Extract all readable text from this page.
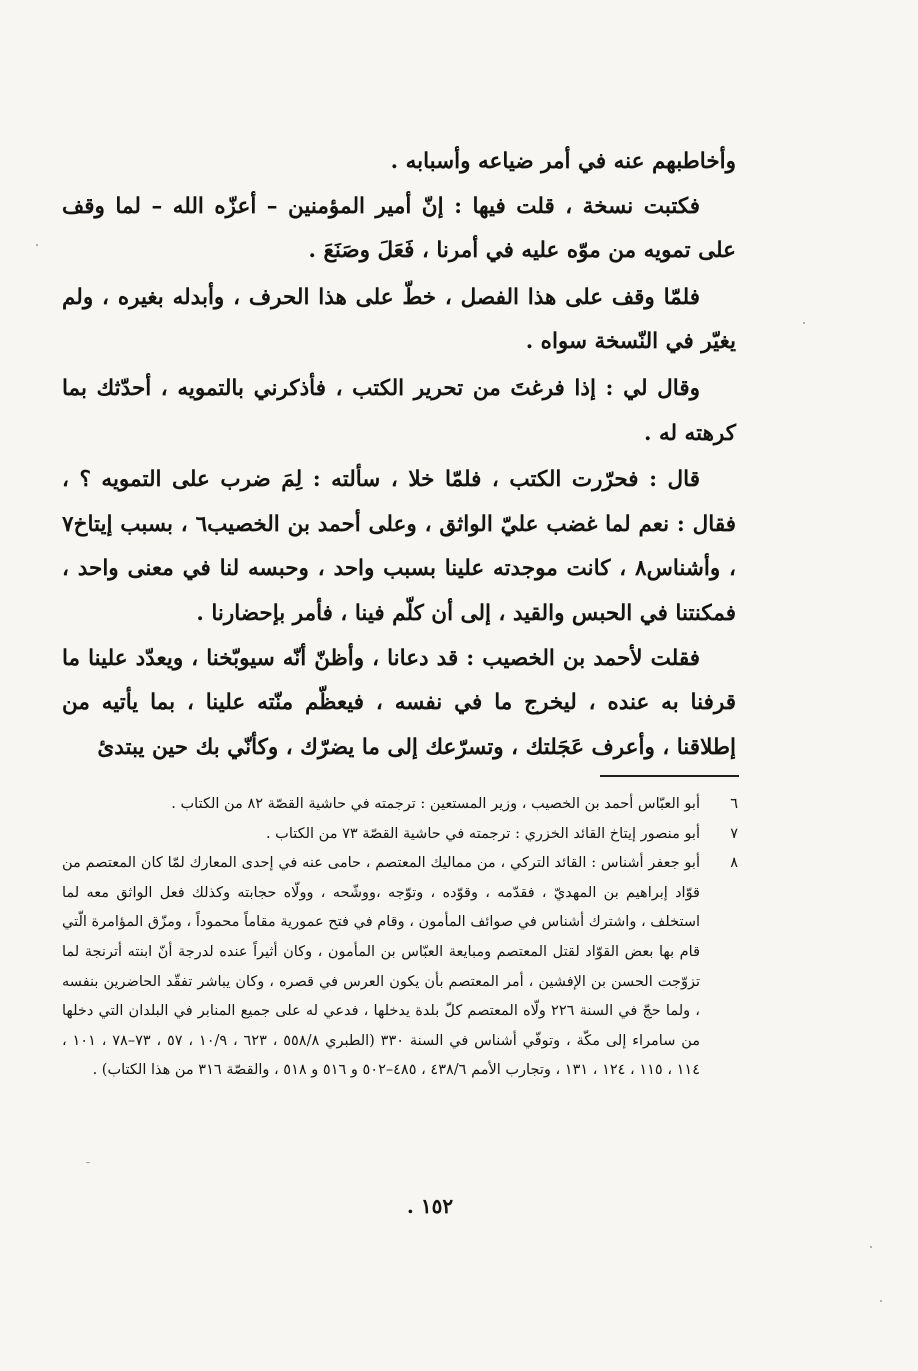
وأخاطبهم عنه في أمر ضياعه وأسبابه .

فكتبت نسخة ، قلت فيها : إنّ أمير المؤمنين – أعزّه الله – لما وقف على تمويه من موّه عليه في أمرنا ، فَعَلَ وصَنَعَ .

فلمّا وقف على هذا الفصل ، خطّ على هذا الحرف ، وأبدله بغيره ، ولم يغيّر في النّسخة سواه .

وقال لي : إذا فرغتَ من تحرير الكتب ، فأذكرني بالتمويه ، أحدّثك بما كرهته له .

قال : فحرّرت الكتب ، فلمّا خلا ، سألته : لِمَ ضرب على التمويه ؟ ، فقال : نعم لما غضب عليّ الواثق ، وعلى أحمد بن الخصيب٦ ، بسبب إيتاخ٧ ، وأشناس٨ ، كانت موجدته علينا بسبب واحد ، وحبسه لنا في معنى واحد ، فمكنتنا في الحبس والقيد ، إلى أن كلّم فينا ، فأمر بإحضارنا .

فقلت لأحمد بن الخصيب : قد دعانا ، وأظنّ أنّه سيوبّخنا ، ويعدّد علينا ما قرفنا به عنده ، ليخرج ما في نفسه ، فيعظّم منّته علينا ، بما يأتيه من إطلاقنا ، وأعرف عَجَلتك ، وتسرّعك إلى ما يضرّك ، وكأنّي بك حين يبتدئ

٦
أبو العبّاس أحمد بن الخصيب ، وزير المستعين : ترجمته في حاشية القصّة ٨٢ من الكتاب .
٧
أبو منصور إيتاخ القائد الخزري : ترجمته في حاشية القصّة ٧٣ من الكتاب .
٨
أبو جعفر أشناس : القائد التركي ، من مماليك المعتصم ، حامى عنه في إحدى المعارك لمّا كان المعتصم من قوّاد إبراهيم بن المهديّ ، فقدّمه ، وقوّده ، وتوّجه ،ووشّحه ، وولّاه حجابته وكذلك فعل الواثق معه لما استخلف ، واشترك أشناس في صوائف المأمون ، وقام في فتح عمورية مقاماً محموداً ، ومزّق المؤامرة الّتي قام بها بعض القوّاد لقتل المعتصم ومبايعة العبّاس بن المأمون ، وكان أثيراً عنده لدرجة أنّ ابنته أترنجة لما تزوّجت الحسن بن الإفشين ، أمر المعتصم بأن يكون العرس في قصره ، وكان يباشر تفقّد الحاضرين بنفسه ، ولما حجّ في السنة ٢٢٦ ولّاه المعتصم كلّ بلدة يدخلها ، فدعي له على جميع المنابر في البلدان التي دخلها من سامراء إلى مكّة ، وتوفّي أشناس في السنة ٣٣٠ (الطبري ٥٥٨/٨ ، ٦٢٣ ، ٩/‏١٠ ، ٥٧ ، ٧٣–٧٨ ، ١٠١ ، ١١٤ ، ١١٥ ، ١٢٤ ، ١٣١ ، وتجارب الأمم ٤٣٨/٦ ، ٤٨٥–٥٠٢ و ٥١٦ و ٥١٨ ، والقصّة ٣١٦ من هذا الكتاب) .
١٥٢ .
